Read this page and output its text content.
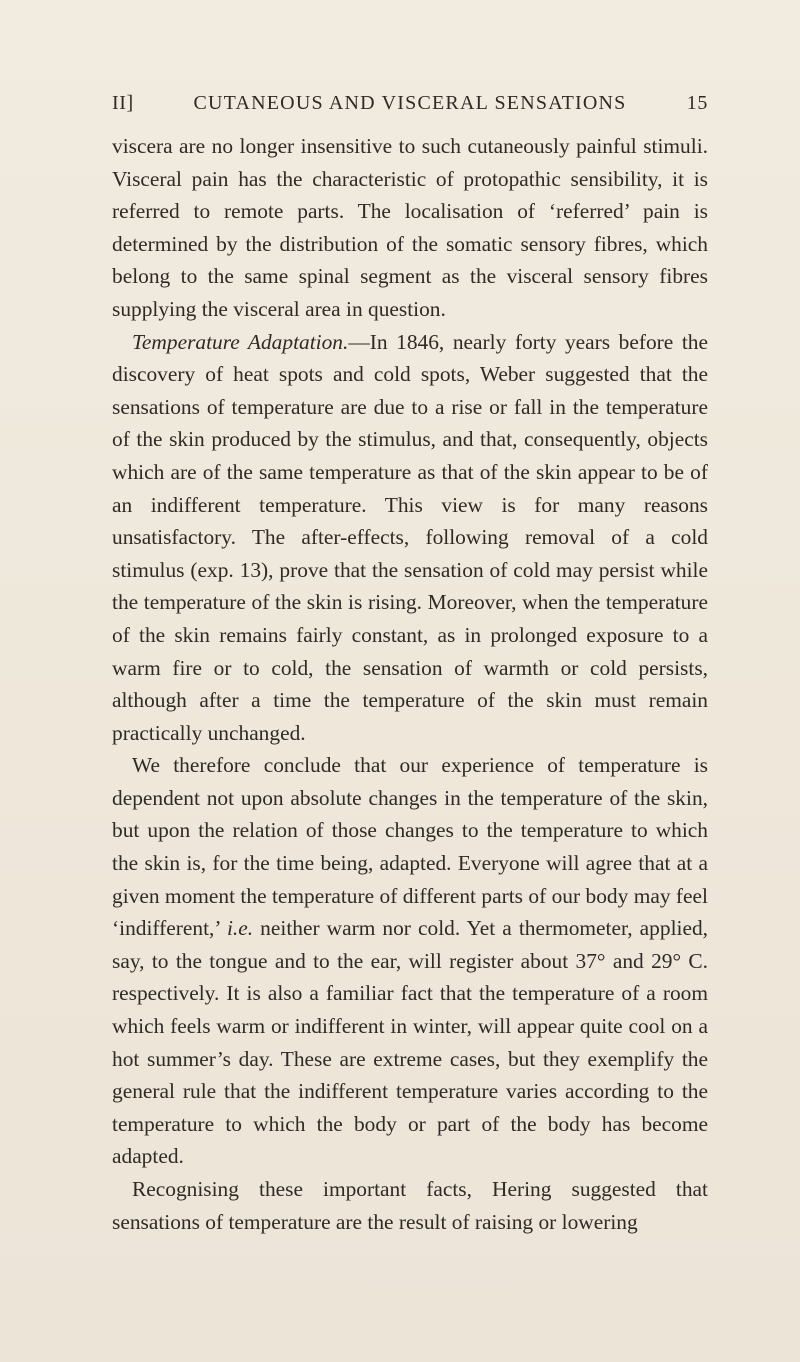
II]	CUTANEOUS AND VISCERAL SENSATIONS	15

viscera are no longer insensitive to such cutaneously painful stimuli. Visceral pain has the characteristic of protopathic sensibility, it is referred to remote parts. The localisation of ‘referred’ pain is determined by the distribution of the somatic sensory fibres, which belong to the same spinal segment as the visceral sensory fibres supplying the visceral area in question.

Temperature Adaptation.—In 1846, nearly forty years before the discovery of heat spots and cold spots, Weber suggested that the sensations of temperature are due to a rise or fall in the temperature of the skin produced by the stimulus, and that, consequently, objects which are of the same temperature as that of the skin appear to be of an indifferent temperature. This view is for many reasons unsatisfactory. The after-effects, following removal of a cold stimulus (exp. 13), prove that the sensation of cold may persist while the temperature of the skin is rising. Moreover, when the temperature of the skin remains fairly constant, as in prolonged exposure to a warm fire or to cold, the sensation of warmth or cold persists, although after a time the temperature of the skin must remain practically unchanged.

We therefore conclude that our experience of temperature is dependent not upon absolute changes in the temperature of the skin, but upon the relation of those changes to the temperature to which the skin is, for the time being, adapted. Everyone will agree that at a given moment the temperature of different parts of our body may feel ‘indifferent,’ i.e. neither warm nor cold. Yet a thermometer, applied, say, to the tongue and to the ear, will register about 37° and 29° C. respectively. It is also a familiar fact that the temperature of a room which feels warm or indifferent in winter, will appear quite cool on a hot summer’s day. These are extreme cases, but they exemplify the general rule that the indifferent temperature varies according to the temperature to which the body or part of the body has become adapted.

Recognising these important facts, Hering suggested that sensations of temperature are the result of raising or lowering
